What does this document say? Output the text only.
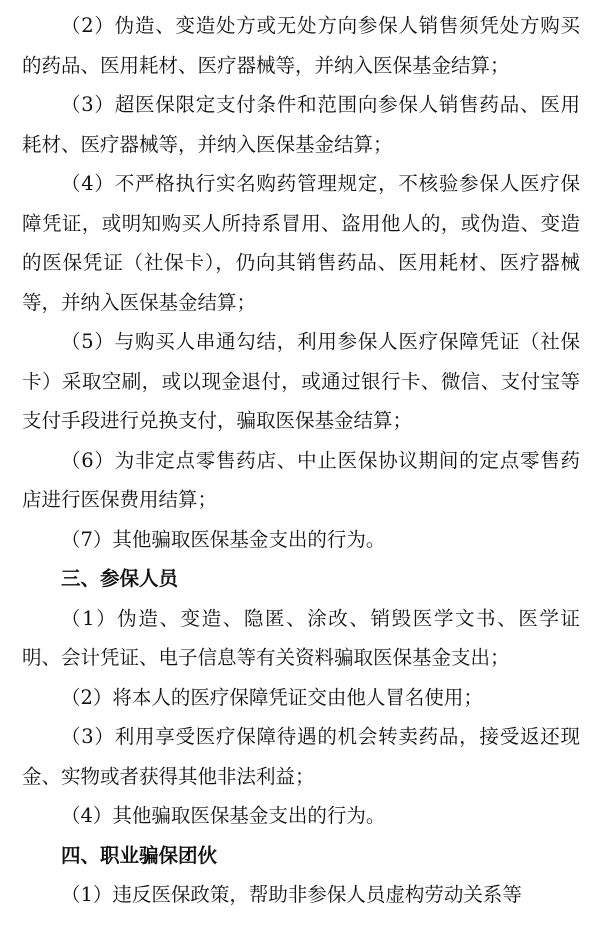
（2）伪造、变造处方或无处方向参保人销售须凭处方购买的药品、医用耗材、医疗器械等，并纳入医保基金结算；

（3）超医保限定支付条件和范围向参保人销售药品、医用耗材、医疗器械等，并纳入医保基金结算；

（4）不严格执行实名购药管理规定，不核验参保人医疗保障凭证，或明知购买人所持系冒用、盗用他人的，或伪造、变造的医保凭证（社保卡），仍向其销售药品、医用耗材、医疗器械等，并纳入医保基金结算；

（5）与购买人串通勾结，利用参保人医疗保障凭证（社保卡）采取空刷，或以现金退付，或通过银行卡、微信、支付宝等支付手段进行兑换支付，骗取医保基金结算；

（6）为非定点零售药店、中止医保协议期间的定点零售药店进行医保费用结算；

（7）其他骗取医保基金支出的行为。

三、参保人员

（1）伪造、变造、隐匿、涂改、销毁医学文书、医学证明、会计凭证、电子信息等有关资料骗取医保基金支出；

（2）将本人的医疗保障凭证交由他人冒名使用；

（3）利用享受医疗保障待遇的机会转卖药品，接受返还现金、实物或者获得其他非法利益；

（4）其他骗取医保基金支出的行为。

四、职业骗保团伙

（1）违反医保政策，帮助非参保人员虚构劳动关系等
